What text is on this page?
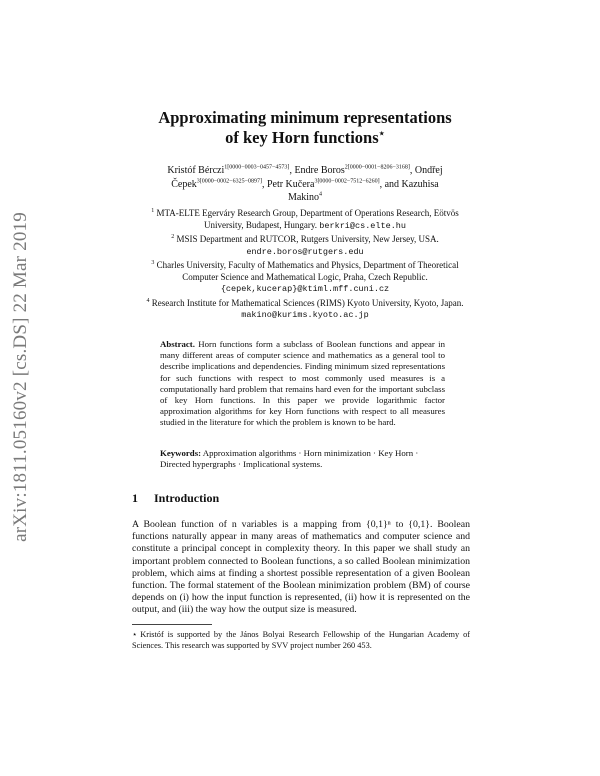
arXiv:1811.05160v2 [cs.DS] 22 Mar 2019
Approximating minimum representations
of key Horn functions⋆
Kristóf Bérczi$^{1[0000-0003-0457-4573]}$, Endre Boros$^{2[0000-0001-8206-3168]}$, Ondřej
Čepek$^{3[0000-0002-6325-0897]}$, Petr Kučera$^{3[0000-0002-7512-6260]}$, and Kazuhisa
Makino$^4$
$^1$ MTA-ELTE Egerváry Research Group, Department of Operations Research, Eötvös University, Budapest, Hungary. berkri@cs.elte.hu
$^2$ MSIS Department and RUTCOR, Rutgers University, New Jersey, USA.
endre.boros@rutgers.edu
$^3$ Charles University, Faculty of Mathematics and Physics, Department of Theoretical Computer Science and Mathematical Logic, Praha, Czech Republic.
{cepek,kucerap}@ktiml.mff.cuni.cz
$^4$ Research Institute for Mathematical Sciences (RIMS) Kyoto University, Kyoto, Japan. makino@kurims.kyoto.ac.jp
Abstract. Horn functions form a subclass of Boolean functions and appear in many different areas of computer science and mathematics as a general tool to describe implications and dependencies. Finding minimum sized representations for such functions with respect to most commonly used measures is a computationally hard problem that remains hard even for the important subclass of key Horn functions. In this paper we provide logarithmic factor approximation algorithms for key Horn functions with respect to all measures studied in the literature for which the problem is known to be hard.
Keywords: Approximation algorithms · Horn minimization · Key Horn · Directed hypergraphs · Implicational systems.
1 Introduction
A Boolean function of n variables is a mapping from {0,1}ⁿ to {0,1}. Boolean functions naturally appear in many areas of mathematics and computer science and constitute a principal concept in complexity theory. In this paper we shall study an important problem connected to Boolean functions, a so called Boolean minimization problem, which aims at finding a shortest possible representation of a given Boolean function. The formal statement of the Boolean minimization problem (BM) of course depends on (i) how the input function is represented, (ii) how it is represented on the output, and (iii) the way how the output size is measured.
⋆ Kristóf is supported by the János Bolyai Research Fellowship of the Hungarian Academy of Sciences. This research was supported by SVV project number 260 453.
